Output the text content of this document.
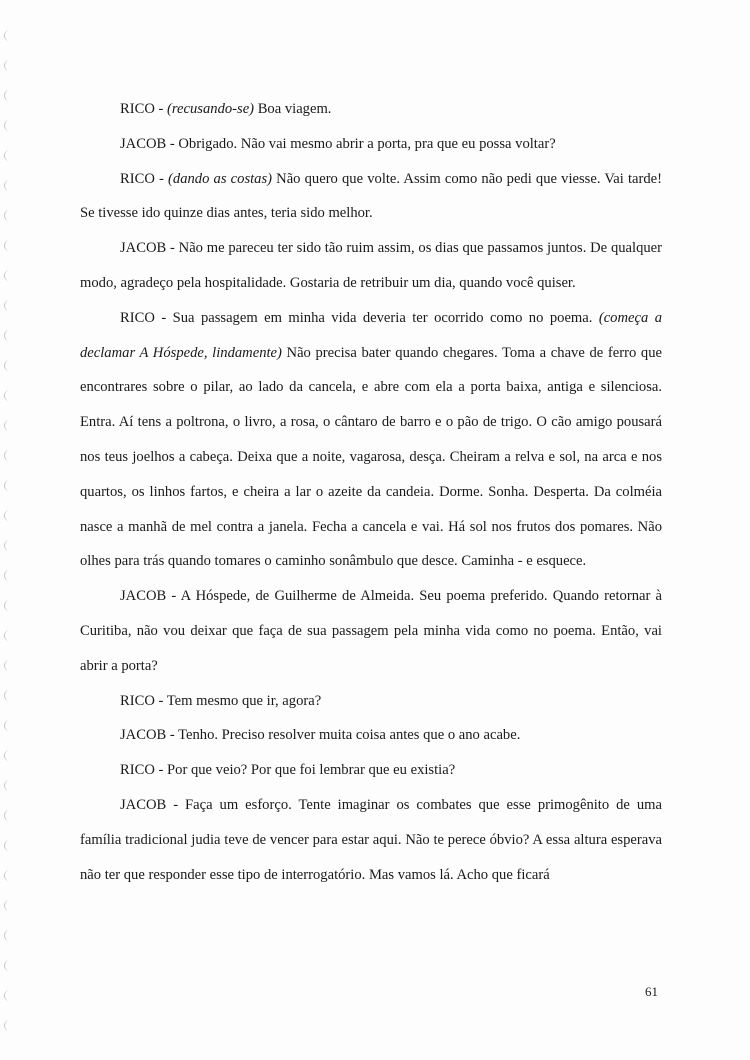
RICO - (recusando-se) Boa viagem.

JACOB - Obrigado. Não vai mesmo abrir a porta, pra que eu possa voltar?

RICO - (dando as costas) Não quero que volte. Assim como não pedi que viesse. Vai tarde! Se tivesse ido quinze dias antes, teria sido melhor.

JACOB - Não me pareceu ter sido tão ruim assim, os dias que passamos juntos. De qualquer modo, agradeço pela hospitalidade. Gostaria de retribuir um dia, quando você quiser.

RICO - Sua passagem em minha vida deveria ter ocorrido como no poema. (começa a declamar A Hóspede, lindamente) Não precisa bater quando chegares. Toma a chave de ferro que encontrares sobre o pilar, ao lado da cancela, e abre com ela a porta baixa, antiga e silenciosa. Entra. Aí tens a poltrona, o livro, a rosa, o cântaro de barro e o pão de trigo. O cão amigo pousará nos teus joelhos a cabeça. Deixa que a noite, vagarosa, desça. Cheiram a relva e sol, na arca e nos quartos, os linhos fartos, e cheira a lar o azeite da candeia. Dorme. Sonha. Desperta. Da colméia nasce a manhã de mel contra a janela. Fecha a cancela e vai. Há sol nos frutos dos pomares. Não olhes para trás quando tomares o caminho sonâmbulo que desce. Caminha - e esquece.

JACOB - A Hóspede, de Guilherme de Almeida. Seu poema preferido. Quando retornar à Curitiba, não vou deixar que faça de sua passagem pela minha vida como no poema. Então, vai abrir a porta?

RICO - Tem mesmo que ir, agora?

JACOB - Tenho. Preciso resolver muita coisa antes que o ano acabe.

RICO - Por que veio? Por que foi lembrar que eu existia?

JACOB - Faça um esforço. Tente imaginar os combates que esse primogênito de uma família tradicional judia teve de vencer para estar aqui. Não te perece óbvio? A essa altura esperava não ter que responder esse tipo de interrogatório. Mas vamos lá. Acho que ficará

61
